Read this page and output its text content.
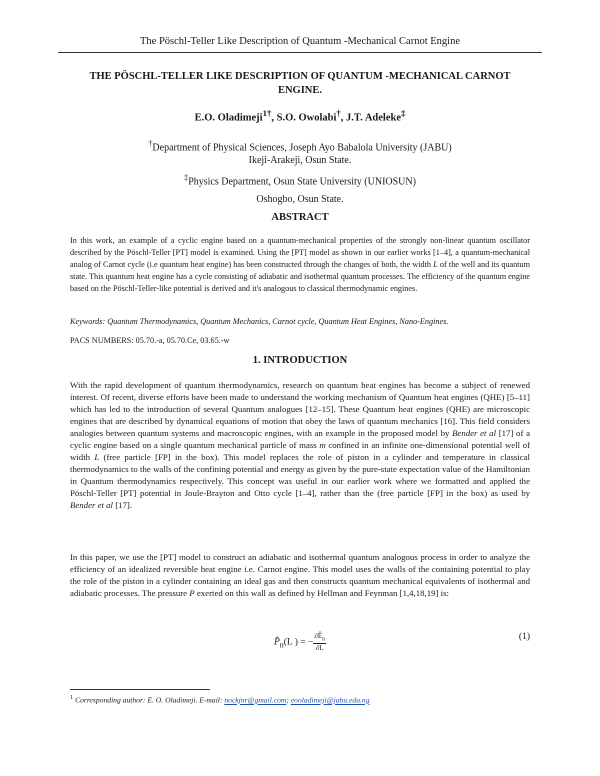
The Pöschl-Teller Like Description of Quantum -Mechanical Carnot Engine
THE PÖSCHL-TELLER LIKE DESCRIPTION OF QUANTUM -MECHANICAL CARNOT ENGINE.
E.O. Oladimeji$^{1\dagger}$, S.O. Owolabi†, J.T. Adeleke‡
†Department of Physical Sciences, Joseph Ayo Babalola University (JABU)
Ikeji-Arakeji, Osun State.
‡Physics Department, Osun State University (UNIOSUN)
Oshogbo, Osun State.
ABSTRACT
In this work, an example of a cyclic engine based on a quantum-mechanical properties of the strongly non-linear quantum oscillator described by the Pöschl-Teller [PT] model is examined. Using the [PT] model as shown in our earlier works [1–4], a quantum-mechanical analog of Carnot cycle (i.e quantum heat engine) has been constructed through the changes of both, the width L of the well and its quantum state. This quantum heat engine has a cycle consisting of adiabatic and isothermal quantum processes. The efficiency of the quantum engine based on the Pöschl-Teller-like potential is derived and it's analogous to classical thermodynamic engines.
Keywords: Quantum Thermodynamics, Quantum Mechanics, Carnot cycle, Quantum Heat Engines, Nano-Engines.
PACS NUMBERS: 05.70.-a, 05.70.Ce, 03.65.-w
1. INTRODUCTION
With the rapid development of quantum thermodynamics, research on quantum heat engines has become a subject of renewed interest. Of recent, diverse efforts have been made to understand the working mechanism of Quantum heat engines (QHE) [5–11] which has led to the introduction of several Quantum analogues [12–15]. These Quantum heat engines (QHE) are microscopic engines that are described by dynamical equations of motion that obey the laws of quantum mechanics [16]. This field considers analogies between quantum systems and macroscopic engines, with an example in the proposed model by Bender et al [17] of a cyclic engine based on a single quantum mechanical particle of mass m confined in an infinite one-dimensional potential well of width L (free particle [FP] in the box). This model replaces the role of piston in a cylinder and temperature in classical thermodynamics to the walls of the confining potential and energy as given by the pure-state expectation value of the Hamiltonian in Quantum thermodynamics respectively. This concept was useful in our earlier work where we formatted and applied the Pöschl-Teller [PT] potential in Joule-Brayton and Otto cycle [1–4], rather than the (free particle [FP] in the box) as used by Bender et al [17].
In this paper, we use the [PT] model to construct an adiabatic and isothermal quantum analogous process in order to analyze the efficiency of an idealized reversible heat engine i.e. Carnot engine. This model uses the walls of the containing potential to play the role of the piston in a cylinder containing an ideal gas and then constructs quantum mechanical equivalents of isothermal and adiabatic processes. The pressure P exerted on this wall as defined by Hellman and Feynman [1,4,18,19] is:
$P̂_n(L$ ) = − $\frac{\partial Ê_n}{\partial L}$	(1)
$^1$ Corresponding author: E. O. Oladimeji. E-mail: nockjnr@gmail.com; eooladimeji@jabu.edu.ng
